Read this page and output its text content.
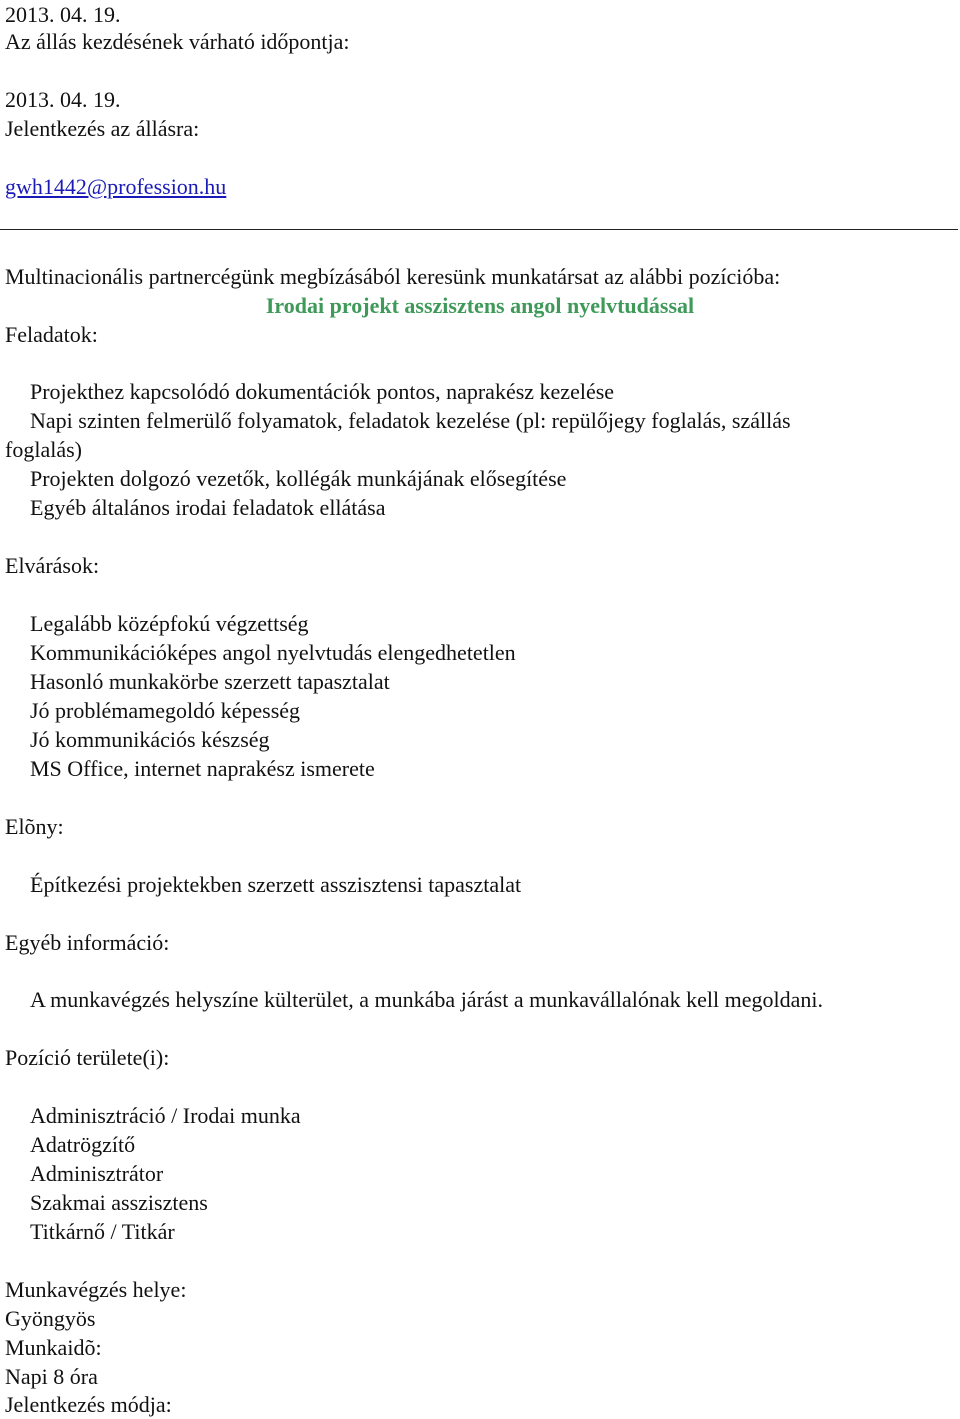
2013. 04. 19.
Az állás kezdésének várható időpontja:
2013. 04. 19.
Jelentkezés az állásra:
gwh1442@profession.hu
Multinacionális partnercégünk megbízásából keresünk munkatársat az alábbi pozícióba:
Irodai projekt asszisztens angol nyelvtudással
Feladatok:
Projekthez kapcsolódó dokumentációk pontos, naprakész kezelése
Napi szinten felmerülő folyamatok, feladatok kezelése (pl: repülőjegy foglalás, szállás
foglalás)
Projekten dolgozó vezetők, kollégák munkájának elősegítése
Egyéb általános irodai feladatok ellátása
Elvárások:
Legalább középfokú végzettség
Kommunikációképes angol nyelvtudás elengedhetetlen
Hasonló munkakörbe szerzett tapasztalat
Jó problémamegoldó képesség
Jó kommunikációs készség
MS Office, internet naprakész ismerete
Elõny:
Építkezési projektekben szerzett asszisztensi tapasztalat
Egyéb információ:
A munkavégzés helyszíne külterület, a munkába járást a munkavállalónak kell megoldani.
Pozíció területe(i):
Adminisztráció / Irodai munka
Adatrögzítő
Adminisztrátor
Szakmai asszisztens
Titkárnő / Titkár
Munkavégzés helye:
Gyöngyös
Munkaidõ:
Napi 8 óra
Jelentkezés módja:
